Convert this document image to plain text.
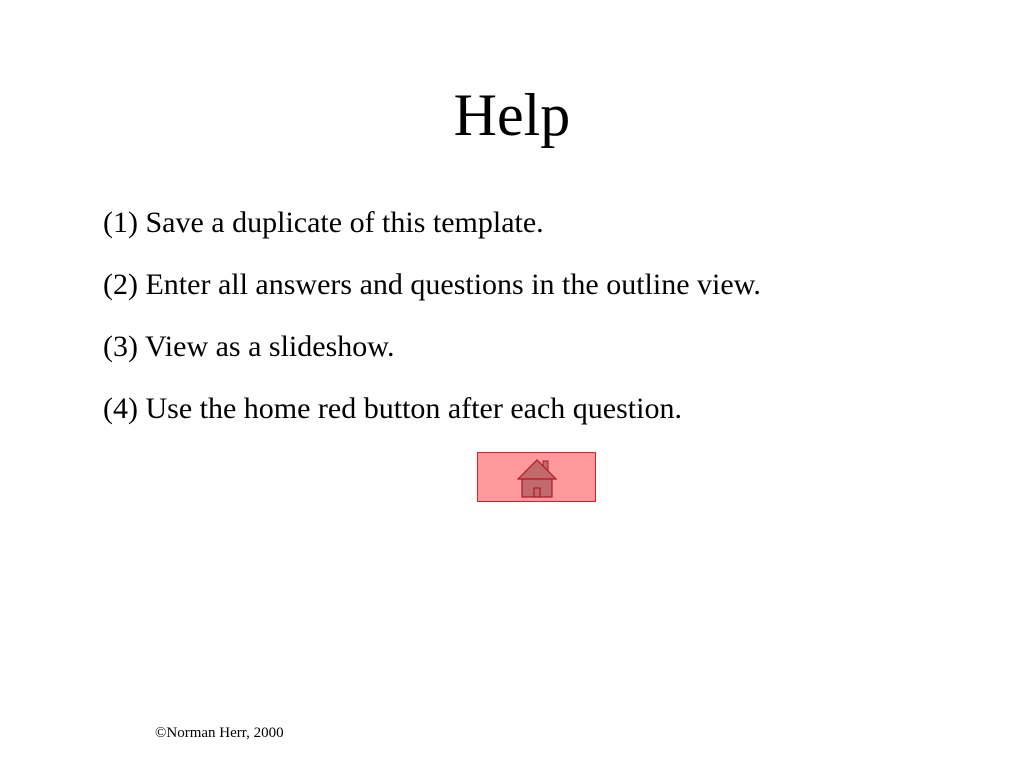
Help
(1) Save a duplicate of this template.
(2) Enter all answers and questions in the outline view.
(3) View as a slideshow.
(4) Use the home red button after each question.
©Norman Herr, 2000
